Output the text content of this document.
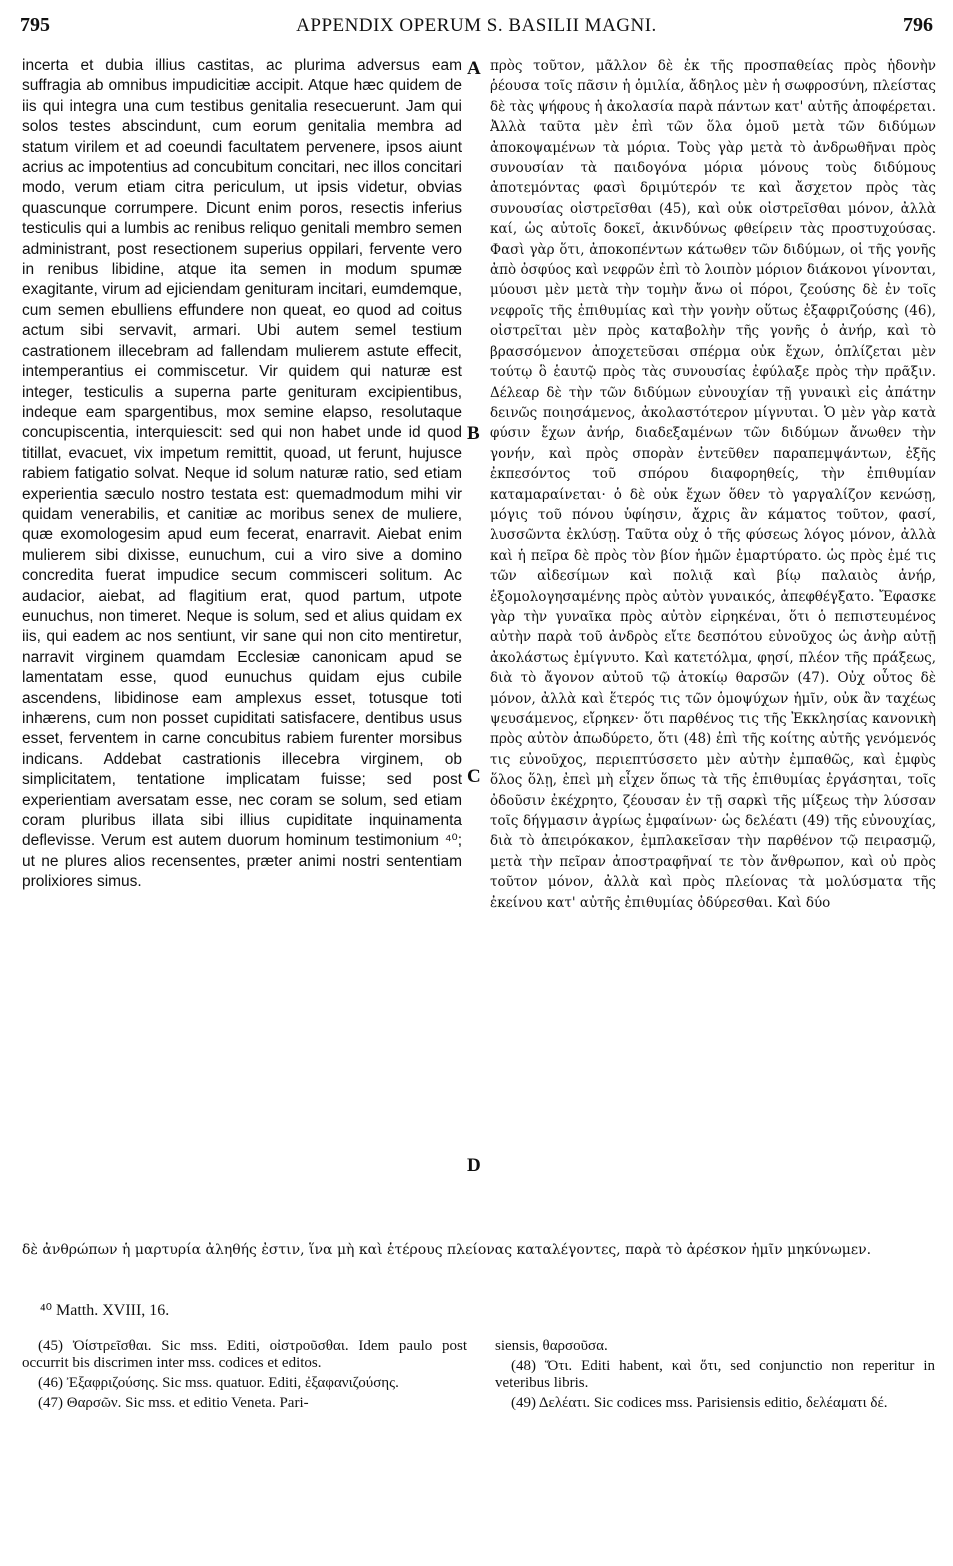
795	APPENDIX OPERUM S. BASILII MAGNI.	796

incerta et dubia illius castitas, ac plurima adversus eam suffragia ab omnibus impudicitiæ accipit. Atque hæc quidem de iis qui integra una cum testibus genitalia resecuerunt. Jam qui solos testes abscindunt, cum eorum genitalia membra ad statum virilem et ad coeundi facultatem pervenere, ipsos aiunt acrius ac impotentius ad concubitum concitari, nec illos concitari modo, verum etiam citra periculum, ut ipsis videtur, obvias quascunque corrumpere. Dicunt enim poros, resectis inferius testiculis qui a lumbis ac renibus reliquo genitali membro semen administrant, post resectionem superius oppilari, fervente vero in renibus libidine, atque ita semen in modum spumæ exagitante, virum ad ejiciendam genituram incitari, eumdemque, cum semen ebulliens effundere non queat, eo quod ad coitus actum sibi servavit, armari. Ubi autem semel testium castrationem illecebram ad fallendam mulierem astute effecit, intemperantius ei commiscetur. Vir quidem qui naturæ est integer, testiculis a superna parte genituram excipientibus, indeque eam spargentibus, mox semine elapso, resolutaque concupiscentia, interquiescit: sed qui non habet unde id quod titillat, evacuet, vix impetum remittit, quoad, ut ferunt, hujusce rabiem fatigatio solvat. Neque id solum naturæ ratio, sed etiam experientia sæculo nostro testata est: quemadmodum mihi vir quidam venerabilis, et canitiæ ac moribus senex de muliere, quæ exomologesim apud eum fecerat, enarravit. Aiebat enim mulierem sibi dixisse, eunuchum, cui a viro sive a domino concredita fuerat impudice secum commisceri solitum. Ac audacior, aiebat, ad flagitium erat, quod partum, utpote eunuchus, non timeret. Neque is solum, sed et alius quidam ex iis, qui eadem ac nos sentiunt, vir sane qui non cito mentiretur, narravit virginem quamdam Ecclesiæ canonicam apud se lamentatam esse, quod eunuchus quidam ejus cubile ascendens, libidinose eam amplexus esset, totusque toti inhærens, cum non posset cupiditati satisfacere, dentibus usus esset, ferventem in carne concubitus rabiem furenter morsibus indicans. Addebat castrationis illecebra virginem, ob simplicitatem, tentatione implicatam fuisse; sed post experientiam aversatam esse, nec coram se solum, sed etiam coram pluribus illata sibi illius cupiditate inquinamenta deflevisse. Verum est autem duorum hominum testimonium ⁴⁰; ut ne plures alios recensentes, præter animi nostri sententiam prolixiores simus.

A
B
C
D

πρὸς τοῦτον, μᾶλλον δὲ ἐκ τῆς προσπαθείας πρὸς ἡδονὴν ῥέουσα τοῖς πᾶσιν ἡ ὁμιλία, ἄδηλος μὲν ἡ σωφροσύνη, πλείστας δὲ τὰς ψήφους ἡ ἀκολασία παρὰ πάντων κατ' αὐτῆς ἀποφέρεται. Ἀλλὰ ταῦτα μὲν ἐπὶ τῶν ὅλα ὁμοῦ μετὰ τῶν διδύμων ἀποκοψαμένων τὰ μόρια. Τοὺς γὰρ μετὰ τὸ ἀνδρωθῆναι πρὸς συνουσίαν τὰ παιδογόνα μόρια μόνους τοὺς διδύμους ἀποτεμόντας φασὶ δριμύτερόν τε καὶ ἄσχετον πρὸς τὰς συνουσίας οἰστρεῖσθαι (45), καὶ οὐκ οἰστρεῖσθαι μόνον, ἀλλὰ καί, ὡς αὐτοῖς δοκεῖ, ἀκινδύνως φθείρειν τὰς προστυχούσας. Φασὶ γὰρ ὅτι, ἀποκοπέντων κάτωθεν τῶν διδύμων, οἱ τῆς γονῆς ἀπὸ ὀσφύος καὶ νεφρῶν ἐπὶ τὸ λοιπὸν μόριον διάκονοι γίνονται, μύουσι μὲν μετὰ τὴν τομὴν ἄνω οἱ πόροι, ζεούσης δὲ ἐν τοῖς νεφροῖς τῆς ἐπιθυμίας καὶ τὴν γονὴν οὕτως ἐξαφριζούσης (46), οἰστρεῖται μὲν πρὸς καταβολὴν τῆς γονῆς ὁ ἀνήρ, καὶ τὸ βρασσόμενον ἀποχετεῦσαι σπέρμα οὐκ ἔχων, ὁπλίζεται μὲν τούτῳ ὃ ἑαυτῷ πρὸς τὰς συνουσίας ἐφύλαξε πρὸς τὴν πρᾶξιν. Δέλεαρ δὲ τὴν τῶν διδύμων εὐνουχίαν τῇ γυναικὶ εἰς ἀπάτην δεινῶς ποιησάμενος, ἀκολαστότερον μίγνυται. Ὁ μὲν γὰρ κατὰ φύσιν ἔχων ἀνήρ, διαδεξαμένων τῶν διδύμων ἄνωθεν τὴν γονήν, καὶ πρὸς σπορὰν ἐντεῦθεν παραπεμψάντων, ἐξῆς ἐκπεσόντος τοῦ σπόρου διαφορηθείς, τὴν ἐπιθυμίαν καταμαραίνεται· ὁ δὲ οὐκ ἔχων ὅθεν τὸ γαργαλίζον κενώσῃ, μόγις τοῦ πόνου ὑφίησιν, ἄχρις ἂν κάματος τοῦτον, φασί, λυσσῶντα ἐκλύσῃ. Ταῦτα οὐχ ὁ τῆς φύσεως λόγος μόνον, ἀλλὰ καὶ ἡ πεῖρα δὲ πρὸς τὸν βίον ἡμῶν ἐμαρτύρατο. ὡς πρὸς ἐμέ τις τῶν αἰδεσίμων καὶ πολιᾷ καὶ βίῳ παλαιὸς ἀνήρ, ἐξομολογησαμένης πρὸς αὐτὸν γυναικός, ἀπεφθέγξατο. Ἔφασκε γὰρ τὴν γυναῖκα πρὸς αὐτὸν εἰρηκέναι, ὅτι ὁ πεπιστευμένος αὐτὴν παρὰ τοῦ ἀνδρὸς εἴτε δεσπότου εὐνοῦχος ὡς ἀνὴρ αὐτῇ ἀκολάστως ἐμίγνυτο. Καὶ κατετόλμα, φησί, πλέον τῆς πράξεως, διὰ τὸ ἄγονον αὐτοῦ τῷ ἀτοκίῳ θαρσῶν (47). Οὐχ οὗτος δὲ μόνον, ἀλλὰ καὶ ἕτερός τις τῶν ὁμοψύχων ἡμῖν, οὐκ ἂν ταχέως ψευσάμενος, εἴρηκεν· ὅτι παρθένος τις τῆς Ἐκκλησίας κανονικὴ πρὸς αὐτὸν ἀπωδύρετο, ὅτι (48) ἐπὶ τῆς κοίτης αὐτῆς γενόμενός τις εὐνοῦχος, περιεπτύσσετο μὲν αὐτὴν ἐμπαθῶς, καὶ ἐμφὺς ὅλος ὅλῃ, ἐπεὶ μὴ εἶχεν ὅπως τὰ τῆς ἐπιθυμίας ἐργάσηται, τοῖς ὀδοῦσιν ἐκέχρητο, ζέουσαν ἐν τῇ σαρκὶ τῆς μίξεως τὴν λύσσαν τοῖς δήγμασιν ἀγρίως ἐμφαίνων· ὡς δελέατι (49) τῆς εὐνουχίας, διὰ τὸ ἀπειρόκακον, ἐμπλακεῖσαν τὴν παρθένον τῷ πειρασμῷ, μετὰ τὴν πεῖραν ἀποστραφῆναί τε τὸν ἄνθρωπον, καὶ οὐ πρὸς τοῦτον μόνον, ἀλλὰ καὶ πρὸς πλείονας τὰ μολύσματα τῆς ἐκείνου κατ' αὐτῆς ἐπιθυμίας ὀδύρεσθαι. Καὶ δύο

δὲ ἀνθρώπων ἡ μαρτυρία ἀληθής ἐστιν, ἵνα μὴ καὶ ἑτέρους πλείονας καταλέγοντες, παρὰ τὸ ἀρέσκον ἡμῖν μηκύνωμεν.

⁴⁰ Matth. XVIII, 16.

(45) Ὀίστρεῖσθαι. Sic mss. Editi, οἰστροῦσθαι. Idem paulo post occurrit bis discrimen inter mss. codices et editos.

(46) Ἐξαφριζούσης. Sic mss. quatuor. Editi, ἐξαφανιζούσης.

(47) Θαρσῶν. Sic mss. et editio Veneta. Pari-

siensis, θαρσοῦσα.

(48) Ὅτι. Editi habent, καὶ ὅτι, sed conjunctio non reperitur in veteribus libris.

(49) Δελέατι. Sic codices mss. Parisiensis editio, δελέαματι δέ.
